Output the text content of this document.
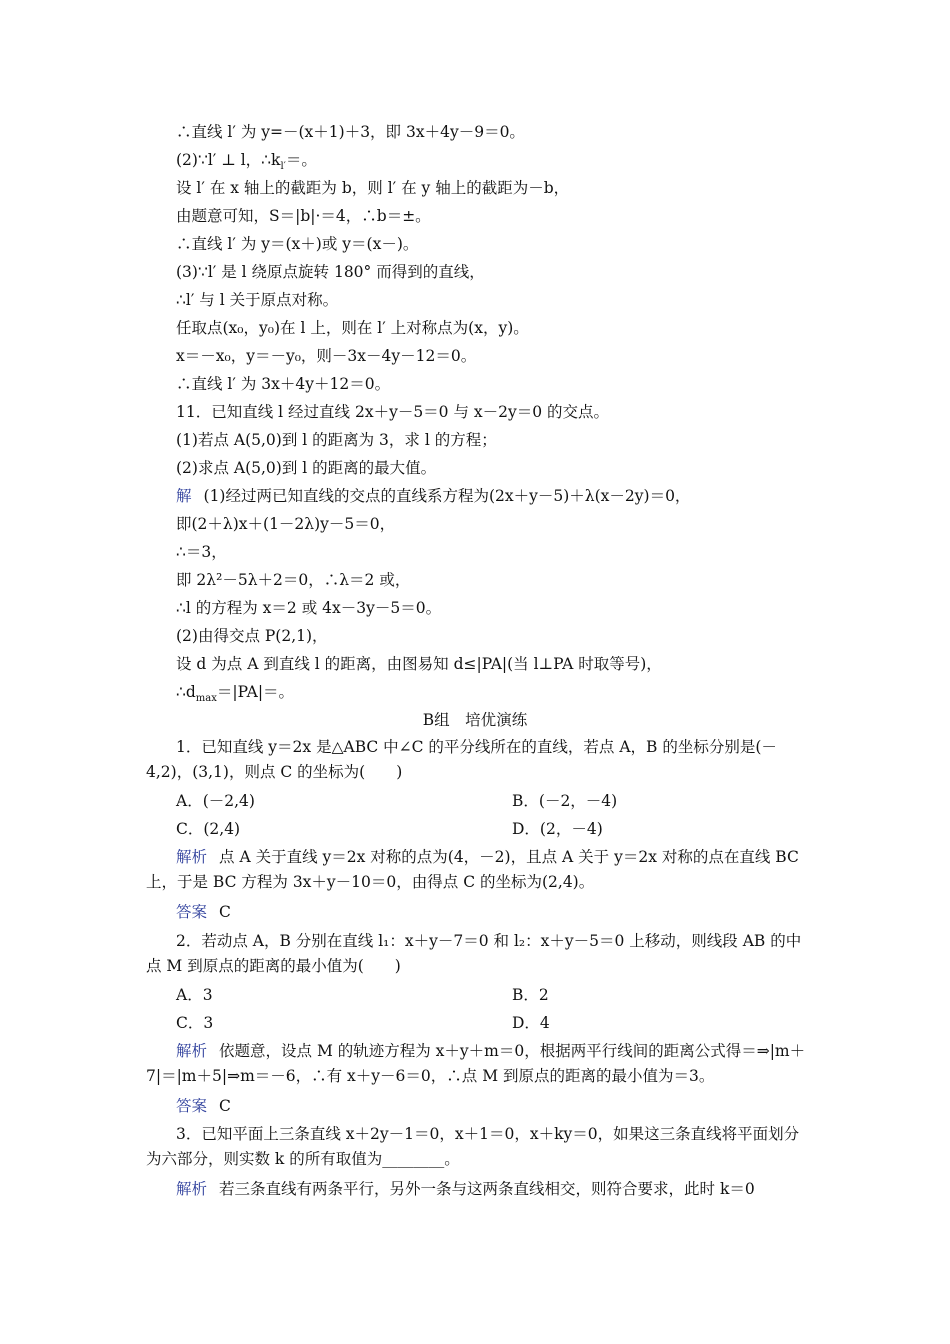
∴直线 l′ 为 y=－(x＋1)＋3，即 3x＋4y－9＝0。
(2)∵l′ ⊥ l，$\therefore k_{l'}=$。
设 l′ 在 x 轴上的截距为 b，则 l′ 在 y 轴上的截距为－b，
由题意可知，S＝|b|·＝4，∴b＝±。
∴直线 l′ 为 y＝(x＋)或 y＝(x－)。
(3)∵l′ 是 l 绕原点旋转 180° 而得到的直线，
∴l′ 与 l 关于原点对称。
任取点(x₀，y₀)在 l 上，则在 l′ 上对称点为(x，y)。
x＝－x₀，y＝－y₀，则－3x－4y－12＝0。
∴直线 l′ 为 3x＋4y＋12＝0。
11．已知直线 l 经过直线 2x＋y－5＝0 与 x－2y＝0 的交点。
(1)若点 A(5,0)到 l 的距离为 3，求 l 的方程；
(2)求点 A(5,0)到 l 的距离的最大值。
解 (1)经过两已知直线的交点的直线系方程为(2x＋y－5)＋λ(x－2y)＝0，
即(2＋λ)x＋(1－2λ)y－5＝0，
∴＝3，
即 2λ²－5λ＋2＝0，∴λ＝2 或，
∴l 的方程为 x＝2 或 4x－3y－5＝0。
(2)由得交点 P(2,1)，
设 d 为点 A 到直线 l 的距离，由图易知 d≤|PA|(当 l⊥PA 时取等号)，
$\therefore d_{max}=|PA|=$。
B组　培优演练
1．已知直线 y＝2x 是△ABC 中∠C 的平分线所在的直线，若点 A，B 的坐标分别是(－4,2)，(3,1)，则点 C 的坐标为(　　)
A．(－2,4)	B．(－2，－4)
C．(2,4)	D．(2，－4)
解析 点 A 关于直线 y＝2x 对称的点为(4，－2)，且点 A 关于 y＝2x 对称的点在直线 BC 上，于是 BC 方程为 3x＋y－10＝0，由得点 C 的坐标为(2,4)。
答案 C
2．若动点 A，B 分别在直线 l₁：x＋y－7＝0 和 l₂：x＋y－5＝0 上移动，则线段 AB 的中点 M 到原点的距离的最小值为(　　)
A．3	B．2
C．3	D．4
解析 依题意，设点 M 的轨迹方程为 x＋y＋m＝0，根据两平行线间的距离公式得＝⇒|m＋7|＝|m＋5|⇒m＝－6，∴有 x＋y－6＝0，∴点 M 到原点的距离的最小值为＝3。
答案 C
3．已知平面上三条直线 x＋2y－1＝0，x＋1＝0，x＋ky＝0，如果这三条直线将平面划分为六部分，则实数 k 的所有取值为________。
解析 若三条直线有两条平行，另外一条与这两条直线相交，则符合要求，此时 k＝0
